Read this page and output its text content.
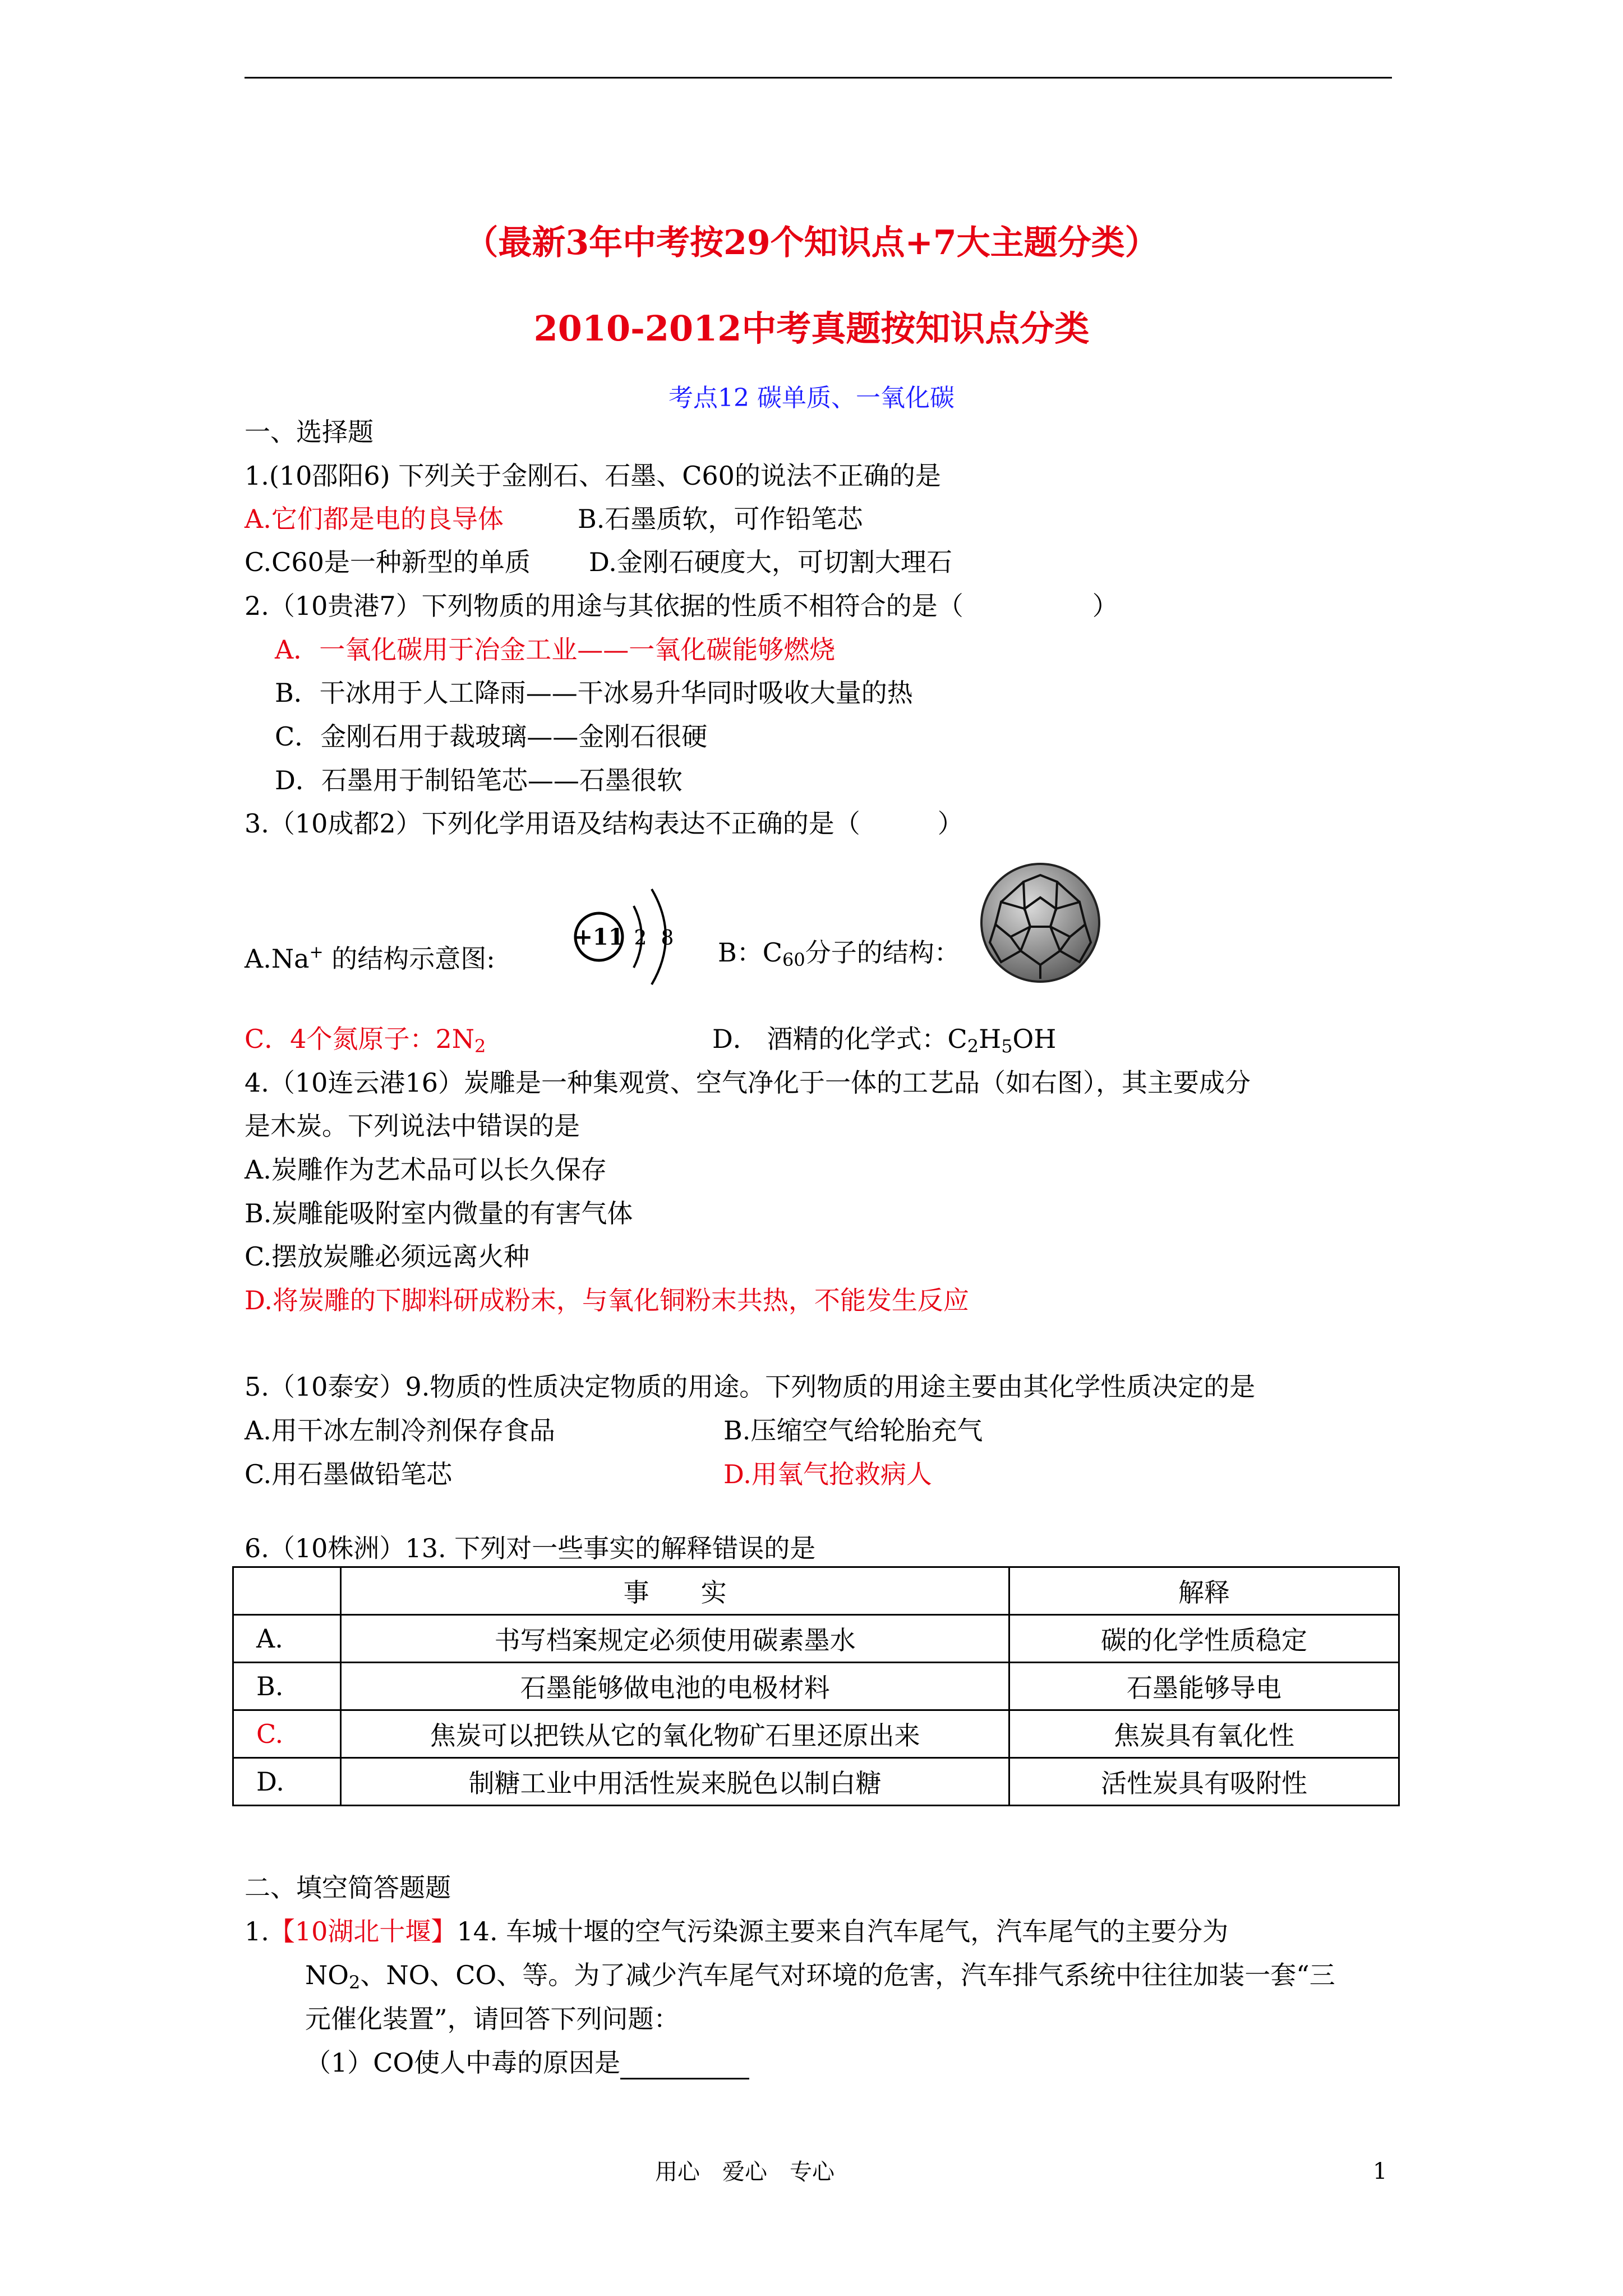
（最新3年中考按29个知识点+7大主题分类）
2010-2012中考真题按知识点分类
考点12 碳单质、一氧化碳
一、选择题
1.(10邵阳6) 下列关于金刚石、石墨、C60的说法不正确的是
A.它们都是电的良导体	B.石墨质软，可作铅笔芯
C.C60是一种新型的单质 D.金刚石硬度大，可切割大理石
2.（10贵港7）下列物质的用途与其依据的性质不相符合的是（　　　　　）
A．一氧化碳用于冶金工业——一氧化碳能够燃烧
B．干冰用于人工降雨——干冰易升华同时吸收大量的热
C．金刚石用于裁玻璃——金刚石很硬
D．石墨用于制铅笔芯——石墨很软
3.（10成都2）下列化学用语及结构表达不正确的是（　　　）
A.Na+ 的结构示意图:
+11 2 8 B：C60分子的结构：
C．4个氮原子：2N2	D． 酒精的化学式：C2H5OH
4.（10连云港16）炭雕是一种集观赏、空气净化于一体的工艺品（如右图），其主要成分
是木炭。下列说法中错误的是
A.炭雕作为艺术品可以长久保存
B.炭雕能吸附室内微量的有害气体
C.摆放炭雕必须远离火种
D.将炭雕的下脚料研成粉末，与氧化铜粉末共热，不能发生反应
5.（10泰安）9.物质的性质决定物质的用途。下列物质的用途主要由其化学性质决定的是
A.用干冰左制冷剂保存食品	B.压缩空气给轮胎充气
C.用石墨做铅笔芯	D.用氧气抢救病人
6.（10株洲）13. 下列对一些事实的解释错误的是
	事　　实	解释
A.	书写档案规定必须使用碳素墨水	碳的化学性质稳定
B.	石墨能够做电池的电极材料	石墨能够导电
C.	焦炭可以把铁从它的氧化物矿石里还原出来	焦炭具有氧化性
D.	制糖工业中用活性炭来脱色以制白糖	活性炭具有吸附性
二、填空简答题题
1.【10湖北十堰】14. 车城十堰的空气污染源主要来自汽车尾气，汽车尾气的主要分为
NO2、NO、CO、等。为了减少汽车尾气对环境的危害，汽车排气系统中往往加装一套“三
元催化装置”，请回答下列问题：
（1）CO使人中毒的原因是
用心　爱心　专心	1
